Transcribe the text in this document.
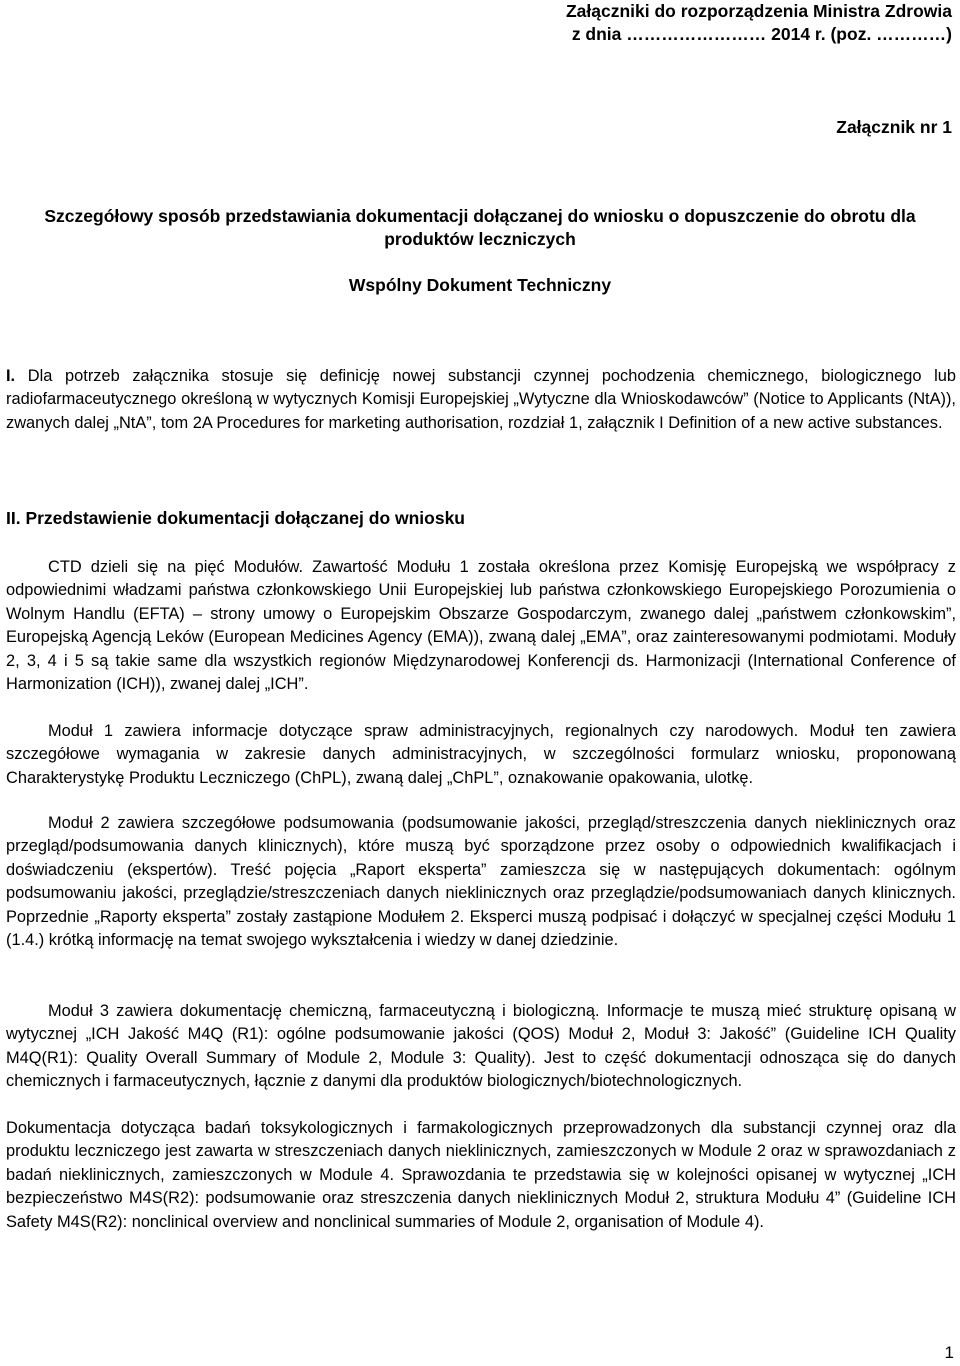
Załączniki do rozporządzenia Ministra Zdrowia
z dnia …………………… 2014 r. (poz. …………)
Załącznik nr 1
Szczegółowy sposób przedstawiania dokumentacji dołączanej do wniosku o dopuszczenie do obrotu dla produktów leczniczych
Wspólny Dokument Techniczny

I. Dla potrzeb załącznika stosuje się definicję nowej substancji czynnej pochodzenia chemicznego, biologicznego lub radiofarmaceutycznego określoną w wytycznych Komisji Europejskiej „Wytyczne dla Wnioskodawców” (Notice to Applicants (NtA)), zwanych dalej „NtA”, tom 2A Procedures for marketing authorisation, rozdział 1, załącznik I Definition of a new active substances.

II. Przedstawienie dokumentacji dołączanej do wniosku

CTD dzieli się na pięć Modułów. Zawartość Modułu 1 została określona przez Komisję Europejską we współpracy z odpowiednimi władzami państwa członkowskiego Unii Europejskiej lub państwa członkowskiego Europejskiego Porozumienia o Wolnym Handlu (EFTA) – strony umowy o Europejskim Obszarze Gospodarczym, zwanego dalej „państwem członkowskim”, Europejską Agencją Leków (European Medicines Agency (EMA)), zwaną dalej „EMA”, oraz zainteresowanymi podmiotami. Moduły 2, 3, 4 i 5 są takie same dla wszystkich regionów Międzynarodowej Konferencji ds. Harmonizacji (International Conference of Harmonization (ICH)), zwanej dalej „ICH”.

Moduł 1 zawiera informacje dotyczące spraw administracyjnych, regionalnych czy narodowych. Moduł ten zawiera szczegółowe wymagania w zakresie danych administracyjnych, w szczególności formularz wniosku, proponowaną Charakterystykę Produktu Leczniczego (ChPL), zwaną dalej „ChPL”, oznakowanie opakowania, ulotkę.

Moduł 2 zawiera szczegółowe podsumowania (podsumowanie jakości, przegląd/streszczenia danych nieklinicznych oraz przegląd/podsumowania danych klinicznych), które muszą być sporządzone przez osoby o odpowiednich kwalifikacjach i doświadczeniu (ekspertów). Treść pojęcia „Raport eksperta” zamieszcza się w następujących dokumentach: ogólnym podsumowaniu jakości, przeglądzie/streszczeniach danych nieklinicznych oraz przeglądzie/podsumowaniach danych klinicznych. Poprzednie „Raporty eksperta” zostały zastąpione Modułem 2. Eksperci muszą podpisać i dołączyć w specjalnej części Modułu 1 (1.4.) krótką informację na temat swojego wykształcenia i wiedzy w danej dziedzinie.

Moduł 3 zawiera dokumentację chemiczną, farmaceutyczną i biologiczną. Informacje te muszą mieć strukturę opisaną w wytycznej „ICH Jakość M4Q (R1): ogólne podsumowanie jakości (QOS) Moduł 2, Moduł 3: Jakość” (Guideline ICH Quality M4Q(R1): Quality Overall Summary of Module 2, Module 3: Quality). Jest to część dokumentacji odnosząca się do danych chemicznych i farmaceutycznych, łącznie z danymi dla produktów biologicznych/biotechnologicznych.

Dokumentacja dotycząca badań toksykologicznych i farmakologicznych przeprowadzonych dla substancji czynnej oraz dla produktu leczniczego jest zawarta w streszczeniach danych nieklinicznych, zamieszczonych w Module 2 oraz w sprawozdaniach z badań nieklinicznych, zamieszczonych w Module 4. Sprawozdania te przedstawia się w kolejności opisanej w wytycznej „ICH bezpieczeństwo M4S(R2): podsumowanie oraz streszczenia danych nieklinicznych Moduł 2, struktura Modułu 4” (Guideline ICH Safety M4S(R2): nonclinical overview and nonclinical summaries of Module 2, organisation of Module 4).

1
